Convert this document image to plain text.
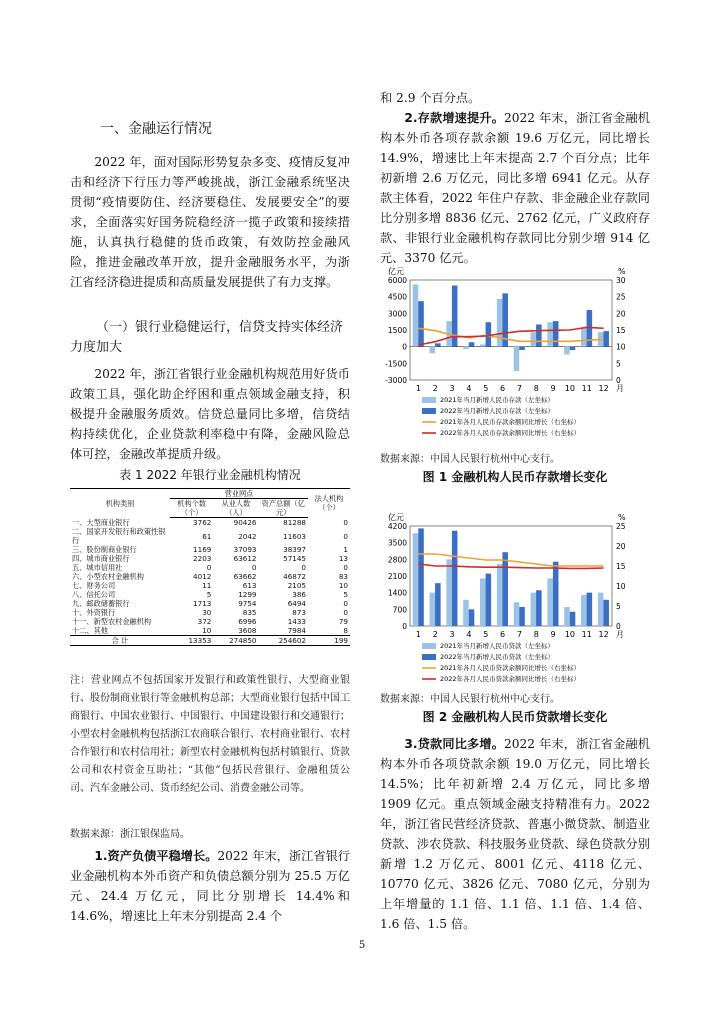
一、金融运行情况

2022 年，面对国际形势复杂多变、疫情反复冲击和经济下行压力等严峻挑战，浙江金融系统坚决贯彻“疫情要防住、经济要稳住、发展要安全”的要求，全面落实好国务院稳经济一揽子政策和接续措施，认真执行稳健的货币政策，有效防控金融风险，推进金融改革开放，提升金融服务水平，为浙江省经济稳进提质和高质量发展提供了有力支撑。

（一）银行业稳健运行，信贷支持实体经济力度加大

2022 年，浙江省银行业金融机构规范用好货币政策工具，强化助企纾困和重点领域金融支持，积极提升金融服务质效。信贷总量同比多增，信贷结构持续优化，企业贷款利率稳中有降，金融风险总体可控，金融改革提质升级。

表 1 2022 年银行业金融机构情况
机构类别	营业网点			法人机构（个）
	机构个数（个）	从业人数（人）	资产总额（亿元）	
一、大型商业银行	3762	90426	81288	0
二、国家开发银行和政策性银行	61	2042	11603	0
三、股份制商业银行	1169	37093	38397	1
四、城市商业银行	2203	63612	57145	13
五、城市信用社	0	0	0	0
六、小型农村金融机构	4012	63662	46872	83
七、财务公司	11	613	2105	10
八、信托公司	5	1299	386	5
九、邮政储蓄银行	1713	9754	6494	0
十、外资银行	30	835	873	0
十一、新型农村金融机构	372	6996	1433	79
十二、其他	10	3608	7984	8
合 计	13353	274850	254602	199

注：营业网点不包括国家开发银行和政策性银行、大型商业银行、股份制商业银行等金融机构总部；大型商业银行包括中国工商银行、中国农业银行、中国银行、中国建设银行和交通银行；小型农村金融机构包括浙江农商联合银行、农村商业银行、农村合作银行和农村信用社；新型农村金融机构包括村镇银行、贷款公司和农村资金互助社；“其他”包括民营银行、金融租赁公司、汽车金融公司、货币经纪公司、消费金融公司等。

数据来源：浙江银保监局。

1.资产负债平稳增长。2022 年末，浙江省银行业金融机构本外币资产和负债总额分别为 25.5 万亿元、24.4 万亿元，同比分别增长 14.4%和 14.6%，增速比上年末分别提高 2.4 个

和 2.9 个百分点。

2.存款增速提升。2022 年末，浙江省金融机构本外币各项存款余额 19.6 万亿元，同比增长 14.9%，增速比上年末提高 2.7 个百分点；比年初新增 2.6 万亿元，同比多增 6941 亿元。从存款主体看，2022 年住户存款、非金融企业存款同比分别多增 8836 亿元、2762 亿元，广义政府存款、非银行业金融机构存款同比分别少增 914 亿元、3370 亿元。

亿元	%
6000
4500
3000
1500
0
-1500
-3000
30
25
20
15
10
5
0
1 2 3 4 5 6 7 8 9 10 11 12 月
2021年当月新增人民币存款（左坐标）
2022年当月新增人民币存款（左坐标）
2021年各月人民币存款余额同比增长（右坐标）
2022年各月人民币存款余额同比增长（右坐标）
数据来源：中国人民银行杭州中心支行。
图 1 金融机构人民币存款增长变化
亿元	%
4200
3500
2800
2100
1400
700
0
25
20
15
10
5
0
1 2 3 4 5 6 7 8 9 10 11 12 月
2021年当月新增人民币贷款（左坐标）
2022年当月新增人民币贷款（左坐标）
2021年各月人民币贷款余额同比增长（右坐标）
2022年各月人民币贷款余额同比增长（右坐标）
数据来源：中国人民银行杭州中心支行。
图 2 金融机构人民币贷款增长变化

3.贷款同比多增。2022 年末，浙江省金融机构本外币各项贷款余额 19.0 万亿元，同比增长 14.5%；比年初新增 2.4 万亿元，同比多增 1909 亿元。重点领域金融支持精准有力。2022 年，浙江省民营经济贷款、普惠小微贷款、制造业贷款、涉农贷款、科技服务业贷款、绿色贷款分别新增 1.2 万亿元、8001 亿元、4118 亿元、10770 亿元、3826 亿元、7080 亿元，分别为上年增量的 1.1 倍、1.1 倍、1.1 倍、1.4 倍、1.6 倍、1.5 倍。

5
